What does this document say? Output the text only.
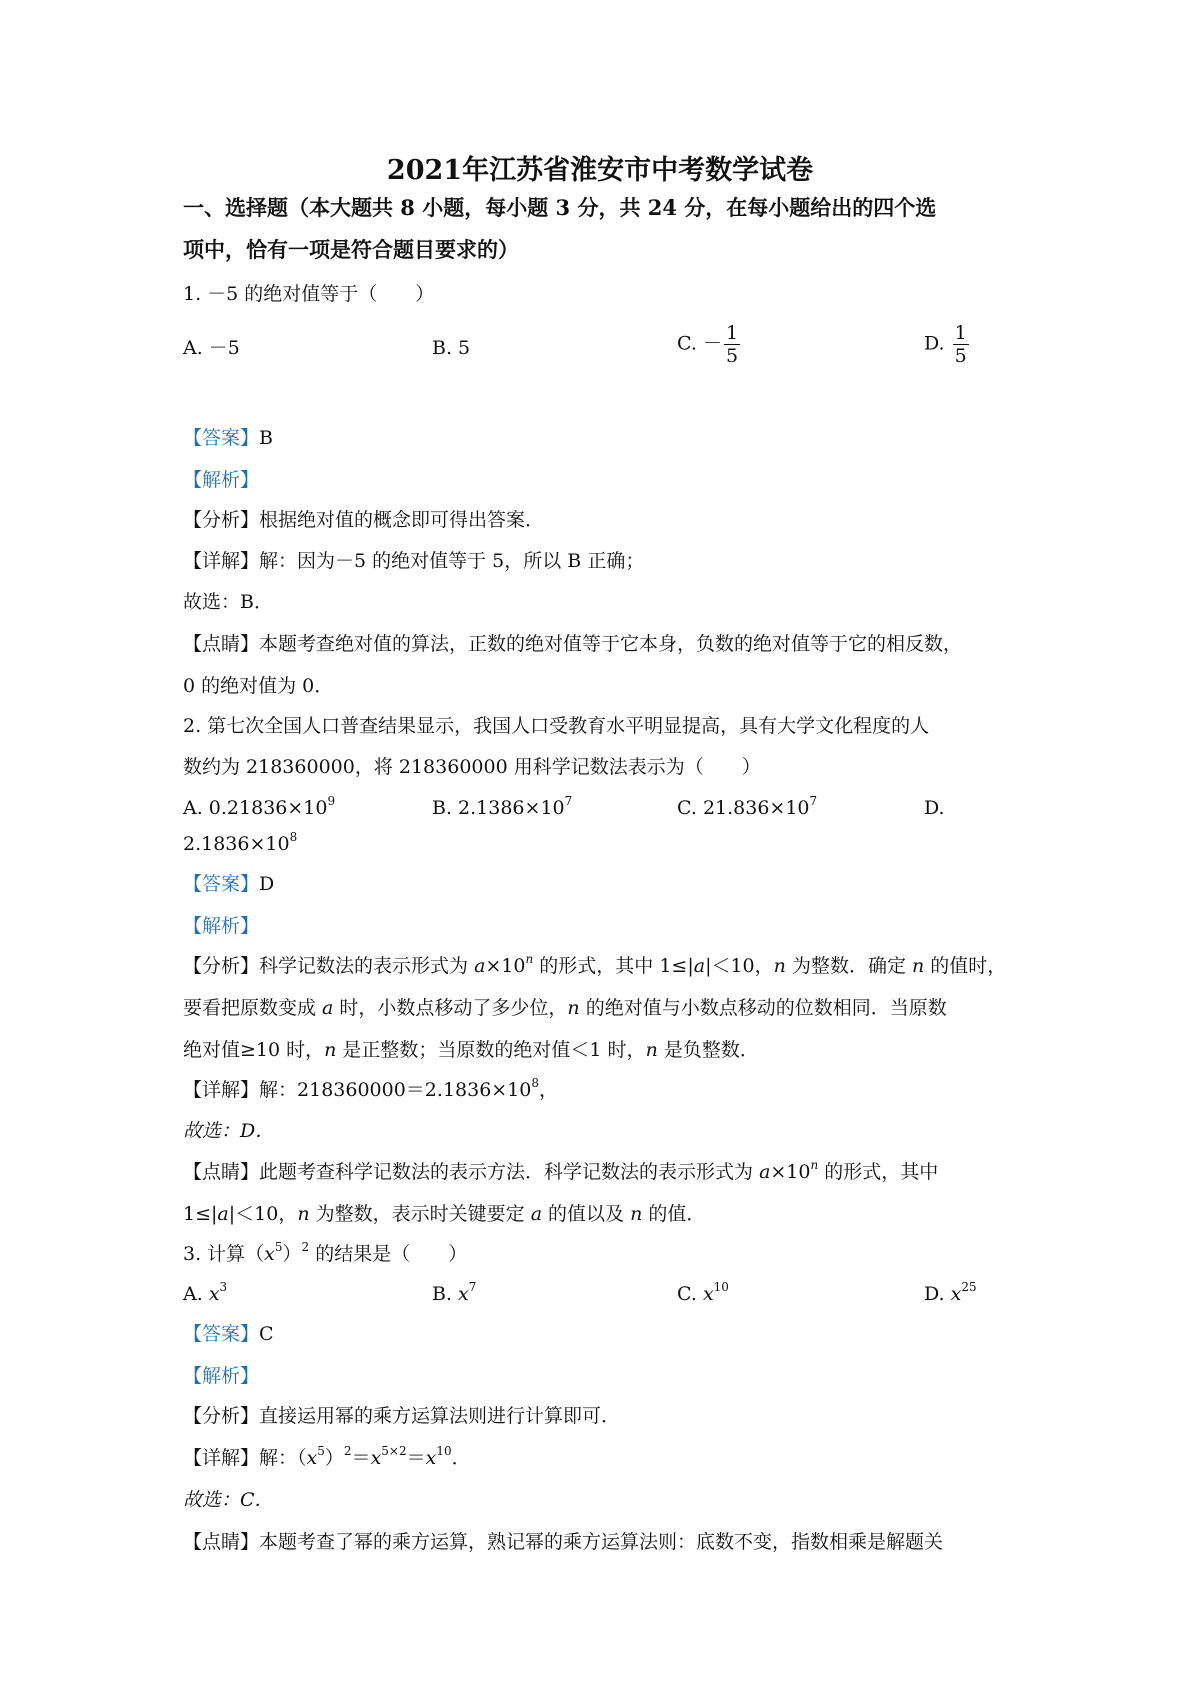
2021年江苏省淮安市中考数学试卷
一、选择题（本大题共 8 小题，每小题 3 分，共 24 分，在每小题给出的四个选
项中，恰有一项是符合题目要求的）
1. －5 的绝对值等于（　　）
A. －5	B. 5	C. － $\frac{1}{5}$	D. $\frac{1}{5}$
【答案】B
【解析】
【分析】根据绝对值的概念即可得出答案．
【详解】解：因为－5 的绝对值等于 5，所以 B 正确；
故选：B．
【点睛】本题考查绝对值的算法，正数的绝对值等于它本身，负数的绝对值等于它的相反数，
0 的绝对值为 0．
2. 第七次全国人口普查结果显示，我国人口受教育水平明显提高，具有大学文化程度的人
数约为 218360000，将 218360000 用科学记数法表示为（　　）
A. $0.21836\times 10^9$	B. $2.1386\times 10^7$	C. $21.836\times 10^7$	D.
$2.1836\times 10^8$
【答案】D
【解析】
【分析】科学记数法的表示形式为 $a\times 10^n$ 的形式，其中 1≤|a|＜10，n 为整数．确定 n 的值时，
要看把原数变成 a 时，小数点移动了多少位，n 的绝对值与小数点移动的位数相同．当原数
绝对值≥10 时，n 是正整数；当原数的绝对值＜1 时，n 是负整数．
【详解】解：$218360000=2.1836\times 10^8$，
故选：D．
【点睛】此题考查科学记数法的表示方法．科学记数法的表示形式为 $a\times 10^n$ 的形式，其中
1≤|a|＜10，n 为整数，表示时关键要定 a 的值以及 n 的值．
3. 计算$(x^5)^2$ 的结果是（　　）
A. $x^3$	B. $x^7$	C. $x^{10}$	D. $x^{25}$
【答案】C
【解析】
【分析】直接运用幂的乘方运算法则进行计算即可．
【详解】解：$(x^5)^2=x^{5\times 2}=x^{10}$．
故选：C．
【点睛】本题考查了幂的乘方运算，熟记幂的乘方运算法则：底数不变，指数相乘是解题关
